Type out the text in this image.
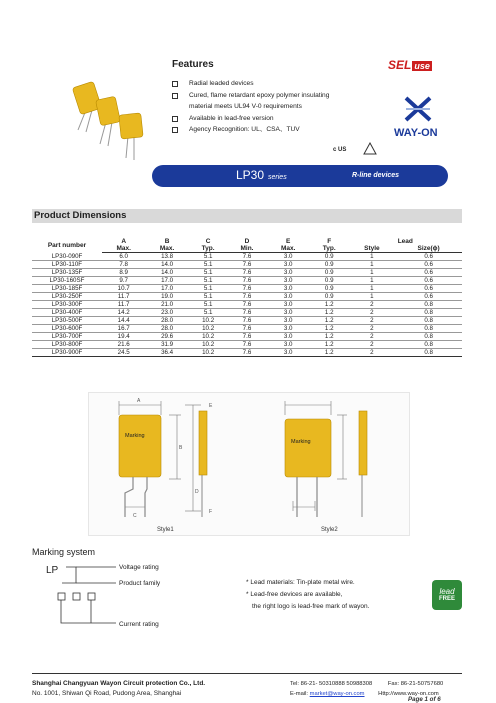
SEL use
Features
Radial leaded devices
Cured, flame retardant epoxy polymer insulating
material meets UL94 V-0 requirements
Available in lead-free version
Agency Recognition: UL、CSA、TUV
c US
WAY-ON
LP30 series	R-line devices
Product Dimensions
Part number	A	B	C	D	E	F	Lead	
	Max.	Max.	Typ.	Min.	Max.	Typ.	Style	Size(ɸ)
LP30-090F	6.0	13.8	5.1	7.6	3.0	0.9	1	0.6
LP30-110F	7.8	14.0	5.1	7.6	3.0	0.9	1	0.6
LP30-135F	8.9	14.0	5.1	7.6	3.0	0.9	1	0.6
LP30-160SF	9.7	17.0	5.1	7.6	3.0	0.9	1	0.6
LP30-185F	10.7	17.0	5.1	7.6	3.0	0.9	1	0.6
LP30-250F	11.7	19.0	5.1	7.6	3.0	0.9	1	0.6
LP30-300F	11.7	21.0	5.1	7.6	3.0	1.2	2	0.8
LP30-400F	14.2	23.0	5.1	7.6	3.0	1.2	2	0.8
LP30-500F	14.4	28.0	10.2	7.6	3.0	1.2	2	0.8
LP30-600F	16.7	28.0	10.2	7.6	3.0	1.2	2	0.8
LP30-700F	19.4	29.6	10.2	7.6	3.0	1.2	2	0.8
LP30-800F	21.6	31.9	10.2	7.6	3.0	1.2	2	0.8
LP30-900F	24.5	36.4	10.2	7.6	3.0	1.2	2	0.8
Marking
A
B
C
D
E
F
Style1
Marking
Style2
Marking system
LP	Voltage rating
Product family
Current rating
* Lead materials: Tin-plate metal wire.
* Lead-free devices are available,
the right logo is lead-free mark of wayon.
lead
FREE
Shanghai Changyuan Wayon Circuit protection Co., Ltd.
No. 1001, Shiwan Qi Road, Pudong Area, Shanghai
Tel: 86-21- 50310888 50988308	Fax: 86-21-50757680
E-mail: market@way-on.com Http://www.way-on.com
Page 1 of 6
